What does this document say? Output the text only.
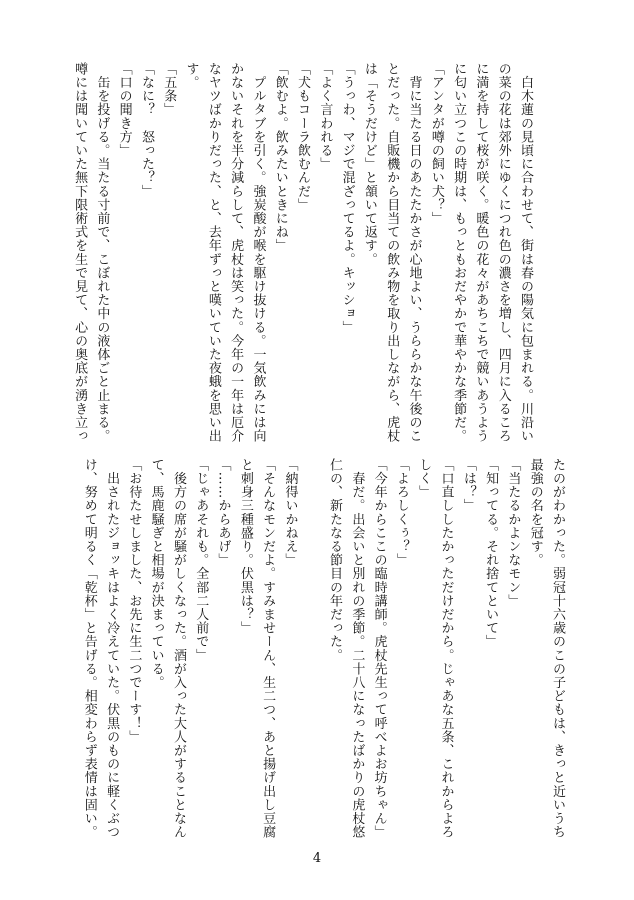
　白木蓮の見頃に合わせて、街は春の陽気に包まれる。川沿い

の菜の花は郊外にゆくにつれ色の濃さを増し、四月に入るころ

に満を持して桜が咲く。暖色の花々があちこちで競いあうよう

に匂い立つこの時期は、もっともおだやかで華やかな季節だ。

「アンタが噂の飼い犬？」

　背に当たる日のあたたかさが心地よい、うららかな午後のこ

とだった。自販機から目当ての飲み物を取り出しながら、虎杖

は「そうだけど」と頷いて返す。

「うっわ、マジで混ざってるよ。キッショ」

「よく言われる」

「犬もコーラ飲むんだ」

「飲むよ。飲みたいときにね」

　プルタブを引く。強炭酸が喉を駆け抜ける。一気飲みには向

かないそれを半分減らして、虎杖は笑った。今年の一年は厄介

なヤツばかりだった、と、去年ずっと嘆いていた夜蛾を思い出

す。

「五条」

「なに？　怒った？」

「口の聞き方」

　缶を投げる。当たる寸前で、こぼれた中の液体ごと止まる。

噂には聞いていた無下限術式を生で見て、心の奥底が湧き立っ

たのがわかった。弱冠十六歳のこの子どもは、きっと近いうち

最強の名を冠す。

「当たるかよンなモン」

「知ってる。それ捨てといて」

「は？」

「口直ししたかっただけだから。じゃあな五条、これからよろ

しく」

「よろしくぅ？」

「今年からここの臨時講師。虎杖先生って呼べよお坊ちゃん」

　春だ。出会いと別れの季節。二十八になったばかりの虎杖悠

仁の、新たなる節目の年だった。

「納得いかねえ」

「そんなモンだよ。すみませーん、生二つ、あと揚げ出し豆腐

と刺身三種盛り。伏黒は？」

「……からあげ」

「じゃあそれも。全部二人前で」

　後方の席が騒がしくなった。酒が入った大人がすることなん

て、馬鹿騒ぎと相場が決まっている。

「お待たせしました、お先に生二つでーす！」

　出されたジョッキはよく冷えていた。伏黒のものに軽くぶつ

け、努めて明るく「乾杯」と告げる。相変わらず表情は固い。

4
